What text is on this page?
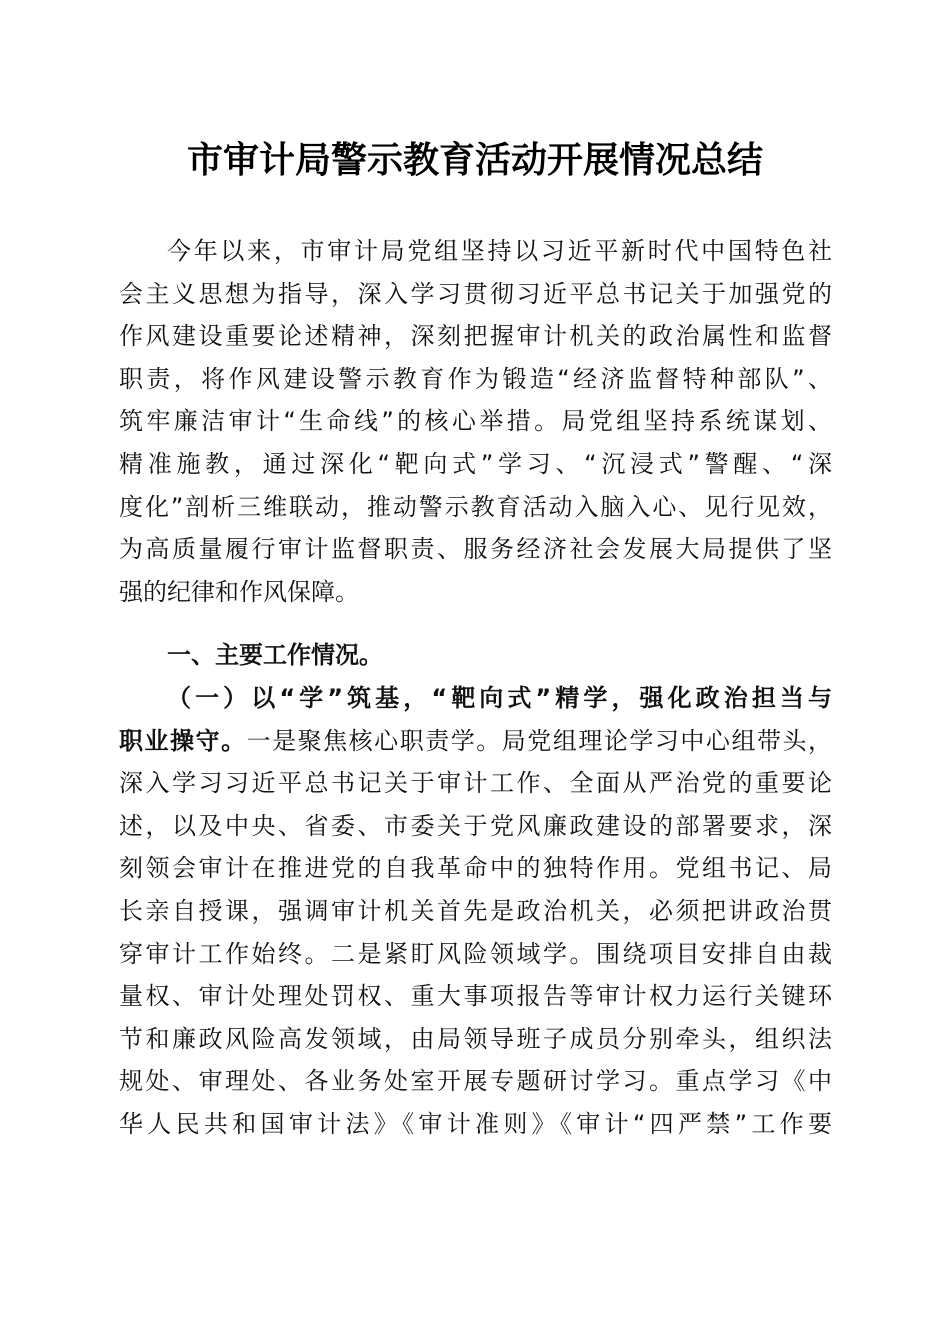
市审计局警示教育活动开展情况总结
今年以来，市审计局党组坚持以习近平新时代中国特色社
会主义思想为指导，深入学习贯彻习近平总书记关于加强党的
作风建设重要论述精神，深刻把握审计机关的政治属性和监督
职责，将作风建设警示教育作为锻造“经济监督特种部队”、
筑牢廉洁审计“生命线”的核心举措。局党组坚持系统谋划、
精准施教，通过深化“靶向式”学习、“沉浸式”警醒、“深
度化”剖析三维联动，推动警示教育活动入脑入心、见行见效，
为高质量履行审计监督职责、服务经济社会发展大局提供了坚
强的纪律和作风保障。
一、主要工作情况。
（一）以“学”筑基，“靶向式”精学，强化政治担当与
职业操守。一是聚焦核心职责学。局党组理论学习中心组带头，
深入学习习近平总书记关于审计工作、全面从严治党的重要论
述，以及中央、省委、市委关于党风廉政建设的部署要求，深
刻领会审计在推进党的自我革命中的独特作用。党组书记、局
长亲自授课，强调审计机关首先是政治机关，必须把讲政治贯
穿审计工作始终。二是紧盯风险领域学。围绕项目安排自由裁
量权、审计处理处罚权、重大事项报告等审计权力运行关键环
节和廉政风险高发领域，由局领导班子成员分别牵头，组织法
规处、审理处、各业务处室开展专题研讨学习。重点学习《中
华人民共和国审计法》《审计准则》《审计“四严禁”工作要
